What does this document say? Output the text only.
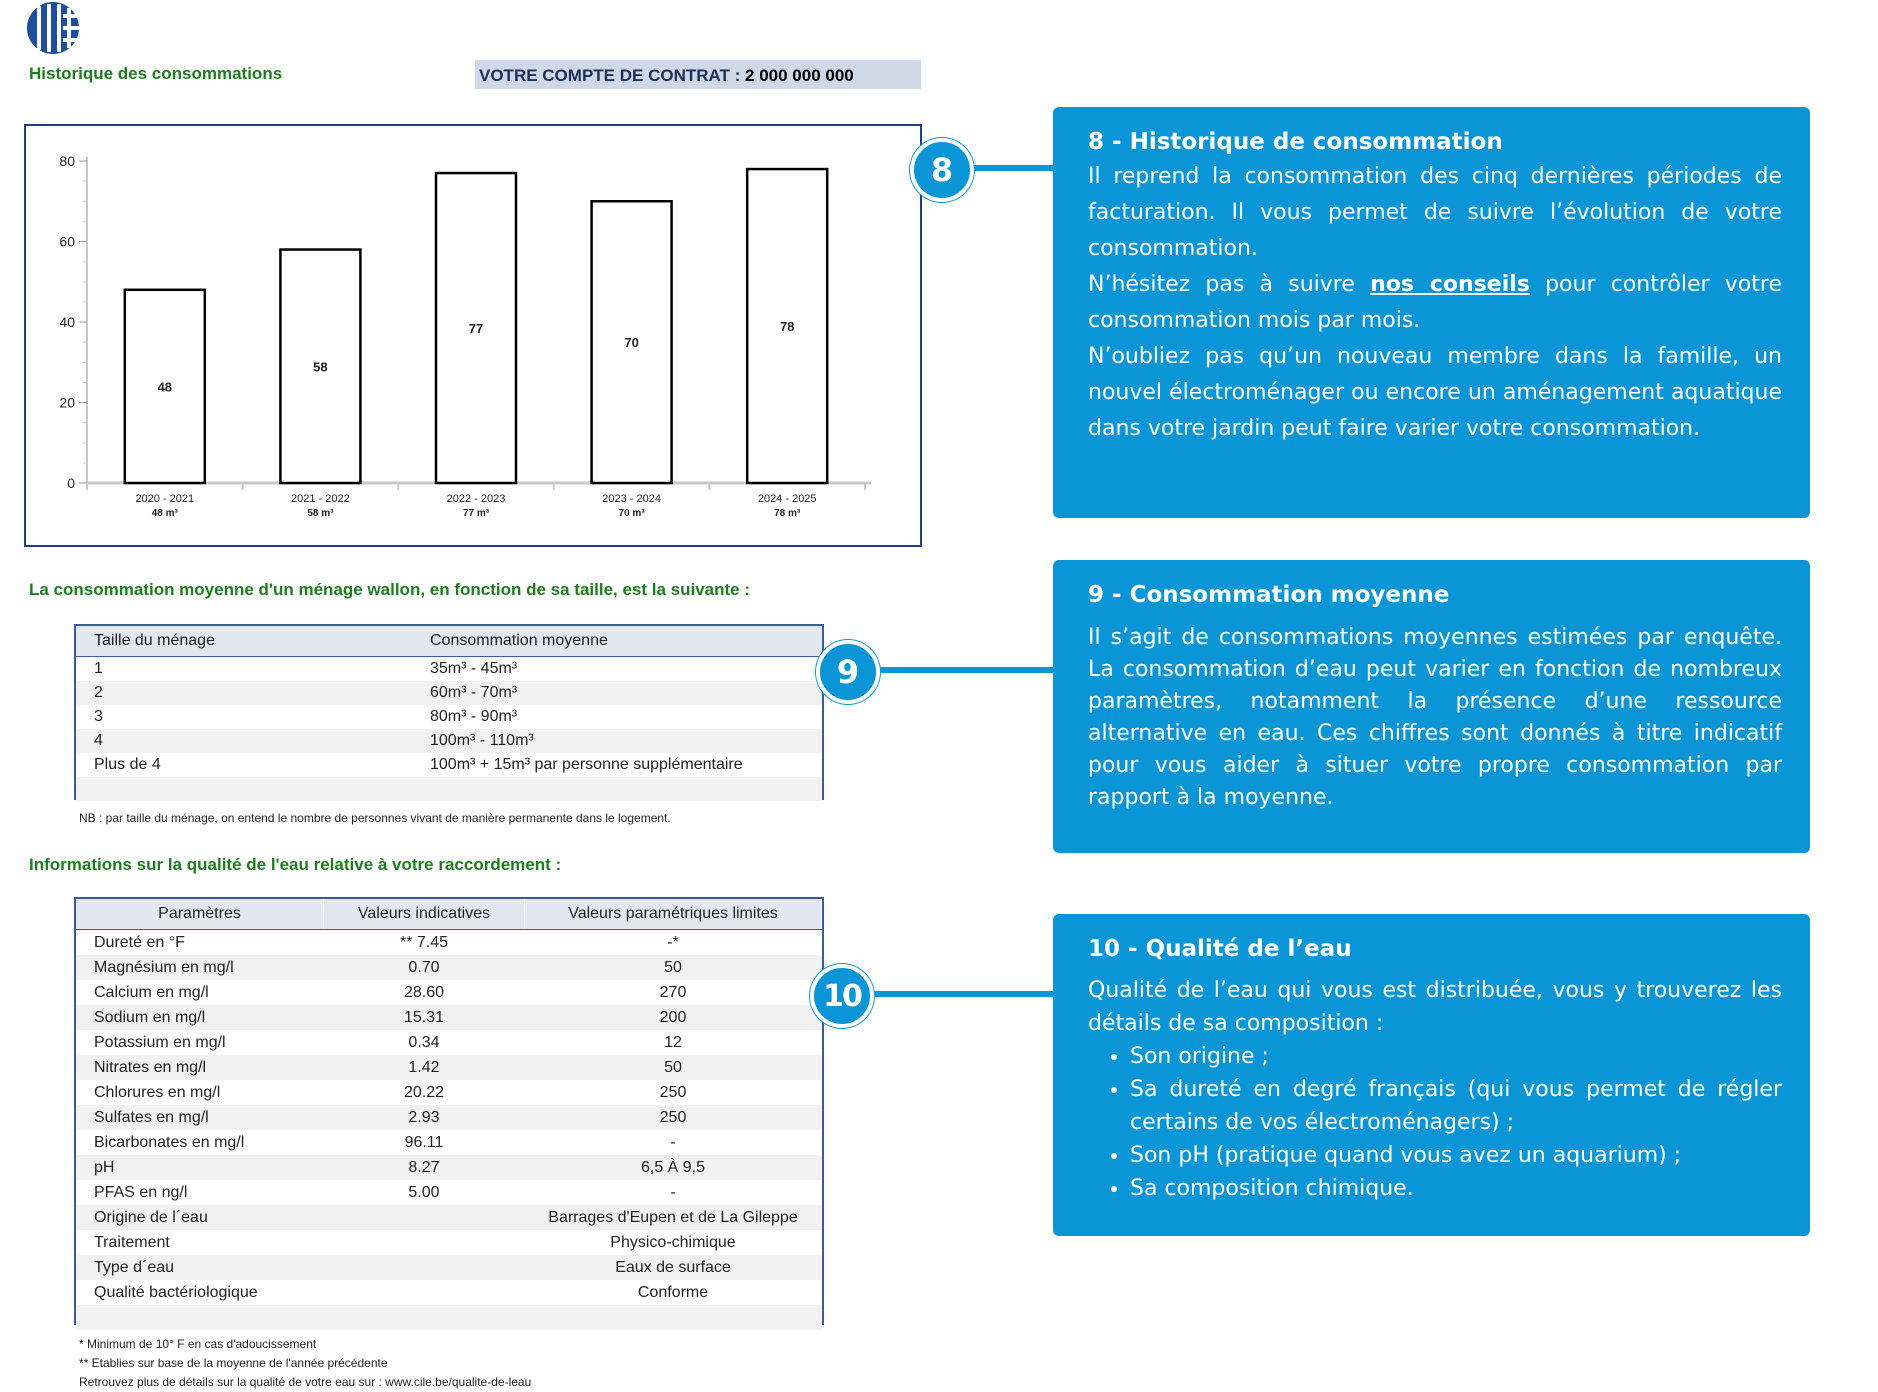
Historique des consommations	VOTRE COMPTE DE CONTRAT : 2 000 000 000
0
20
40
60
80
48
2020 - 2021
48 m³
58
2021 - 2022
58 m³
77
2022 - 2023
77 m³
70
2023 - 2024
70 m³
78
2024 - 2025
78 m³
La consommation moyenne d'un ménage wallon, en fonction de sa taille, est la suivante :
Taille du ménage	Consommation moyenne
1	35m³ - 45m³
2	60m³ - 70m³
3	80m³ - 90m³
4	100m³ - 110m³
Plus de 4	100m³ + 15m³ par personne supplémentaire

NB : par taille du ménage, on entend le nombre de personnes vivant de manière permanente dans le logement.
Informations sur la qualité de l'eau relative à votre raccordement :
Paramètres	Valeurs indicatives	Valeurs paramétriques limites
Dureté en °F	** 7.45	-*
Magnésium en mg/l	0.70	50
Calcium en mg/l	28.60	270
Sodium en mg/l	15.31	200
Potassium en mg/l	0.34	12
Nitrates en mg/l	1.42	50
Chlorures en mg/l	20.22	250
Sulfates en mg/l	2.93	250
Bicarbonates en mg/l	96.11	-
pH	8.27	6,5 À 9,5
PFAS en ng/l	5.00	-
Origine de l´eau		Barrages d'Eupen et de La Gileppe
Traitement		Physico-chimique
Type d´eau		Eaux de surface
Qualité bactériologique		Conforme

* Minimum de 10° F en cas d'adoucissement
** Etablies sur base de la moyenne de l'année précédente
Retrouvez plus de détails sur la qualité de votre eau sur : www.cile.be/qualite-de-leau
8
9
10
8 - Historique de consommation

Il reprend la consommation des cinq dernières périodes de facturation. Il vous permet de suivre l’évolution de votre consommation.

N’hésitez pas à suivre nos conseils pour contrôler votre consommation mois par mois.

N’oubliez pas qu’un nouveau membre dans la famille, un nouvel électroménager ou encore un aménagement aquatique dans votre jardin peut faire varier votre consommation.

9 - Consommation moyenne

Il s’agit de consommations moyennes estimées par enquête. La consommation d’eau peut varier en fonction de nombreux paramètres, notamment la présence d’une ressource alternative en eau. Ces chiffres sont donnés à titre indicatif pour vous aider à situer votre propre consommation par rapport à la moyenne.

10 - Qualité de l’eau

Qualité de l’eau qui vous est distribuée, vous y trouverez les détails de sa composition :

• Son origine ;
• Sa dureté en degré français (qui vous permet de régler certains de vos électroménagers) ;
• Son pH (pratique quand vous avez un aquarium) ;
• Sa composition chimique.
